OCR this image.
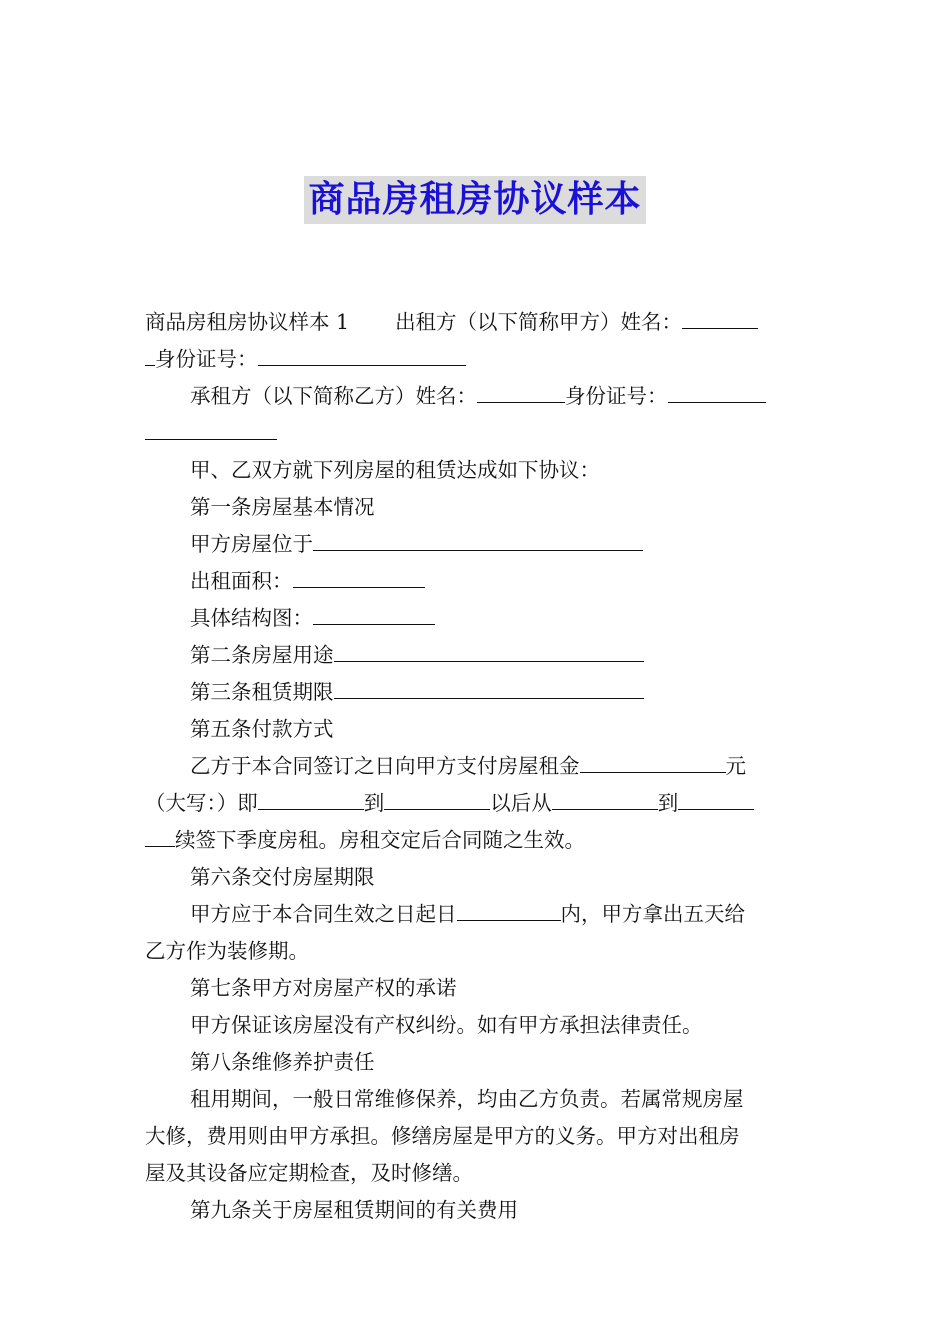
商品房租房协议样本

商品房租房协议样本 1 出租方（以下简称甲方）姓名：

身份证号：

承租方（以下简称乙方）姓名：	身份证号：

甲、乙双方就下列房屋的租赁达成如下协议：

第一条房屋基本情况

甲方房屋位于

出租面积：

具体结构图：

第二条房屋用途

第三条租赁期限

第五条付款方式

乙方于本合同签订之日向甲方支付房屋租金	元

（大写：）即	到	以后从	到

续签下季度房租。房租交定后合同随之生效。

第六条交付房屋期限

甲方应于本合同生效之日起日	内，甲方拿出五天给

乙方作为装修期。

第七条甲方对房屋产权的承诺

甲方保证该房屋没有产权纠纷。如有甲方承担法律责任。

第八条维修养护责任

租用期间，一般日常维修保养，均由乙方负责。若属常规房屋

大修，费用则由甲方承担。修缮房屋是甲方的义务。甲方对出租房

屋及其设备应定期检查，及时修缮。

第九条关于房屋租赁期间的有关费用
